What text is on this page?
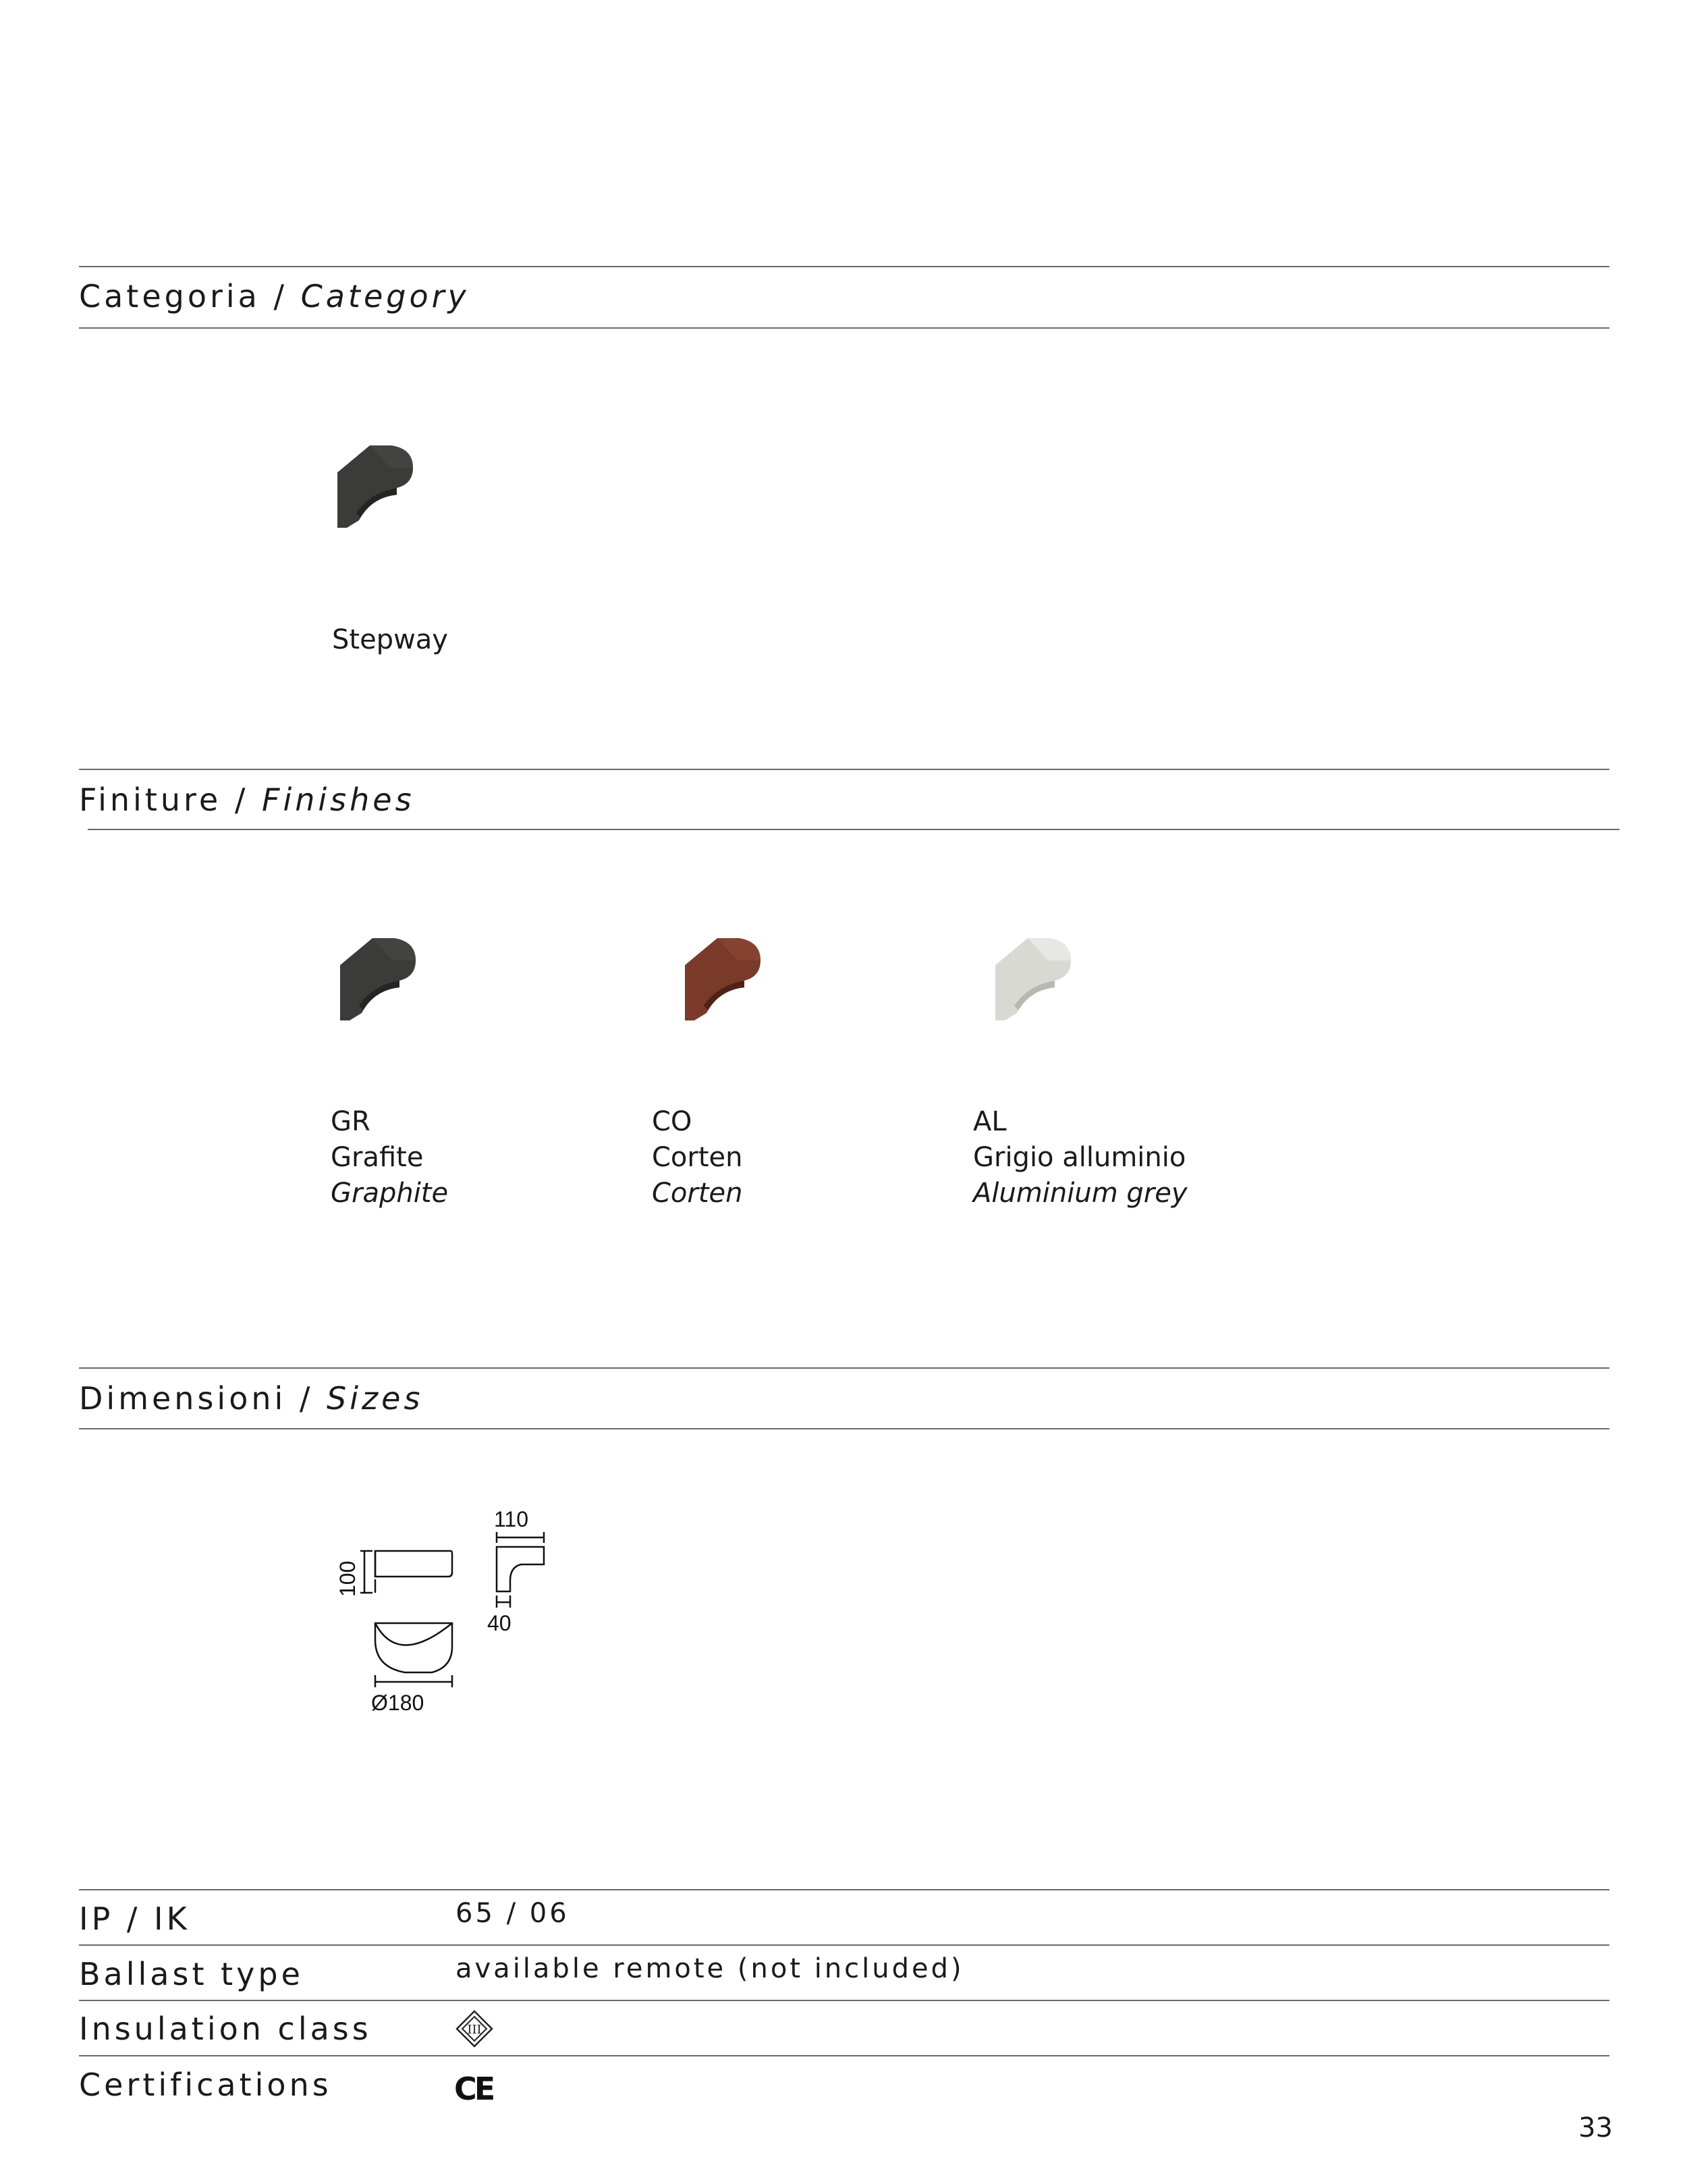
Categoria / Category
Stepway
Finiture / Finishes
GR
Grafite
Graphite
CO
Corten
Corten
AL
Grigio alluminio
Aluminium grey
Dimensioni / Sizes
100
110
40
Ø180
IP / IK	65 / 06
Ballast type	available remote (not included)
Insulation class	III
Certifications	CE
33
